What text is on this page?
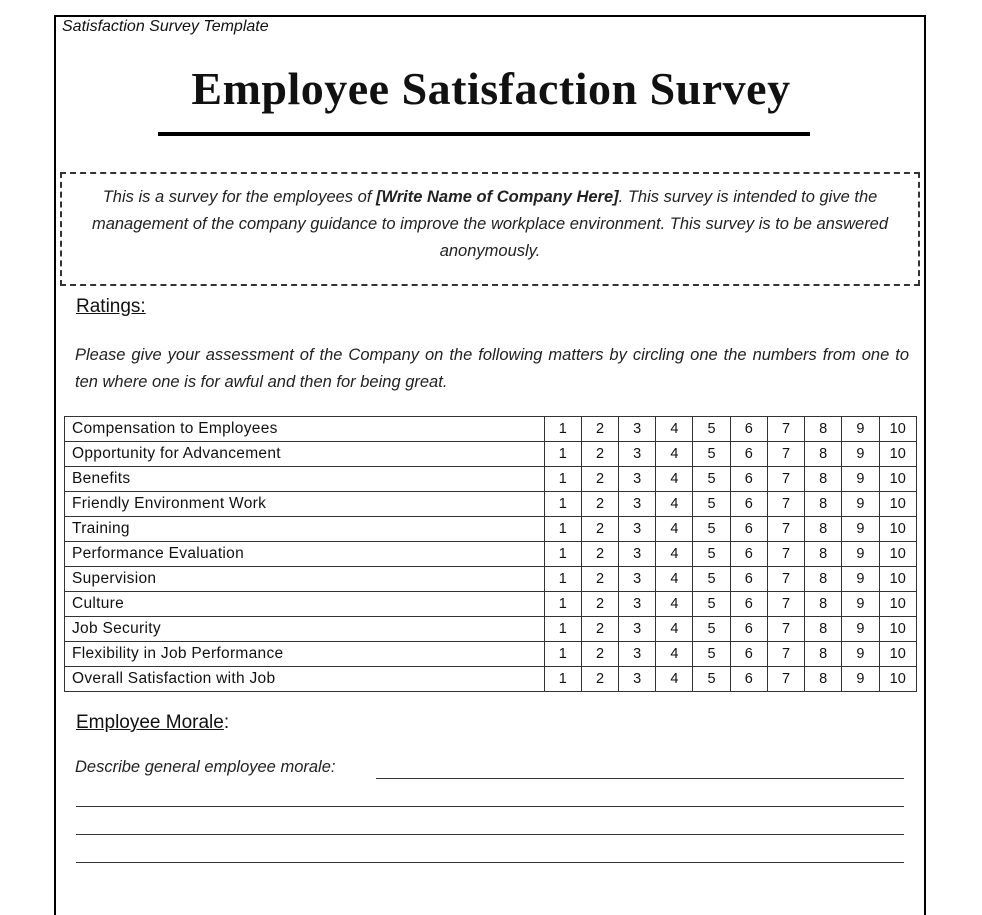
Satisfaction Survey Template
Employee Satisfaction Survey
This is a survey for the employees of [Write Name of Company Here]. This survey is intended to give the management of the company guidance to improve the workplace environment. This survey is to be answered anonymously.
Ratings:
Please give your assessment of the Company on the following matters by circling one the numbers from one to ten where one is for awful and then for being great.
Compensation to Employees	1	2	3	4	5	6	7	8	9	10
Opportunity for Advancement	1	2	3	4	5	6	7	8	9	10
Benefits	1	2	3	4	5	6	7	8	9	10
Friendly Environment Work	1	2	3	4	5	6	7	8	9	10
Training	1	2	3	4	5	6	7	8	9	10
Performance Evaluation	1	2	3	4	5	6	7	8	9	10
Supervision	1	2	3	4	5	6	7	8	9	10
Culture	1	2	3	4	5	6	7	8	9	10
Job Security	1	2	3	4	5	6	7	8	9	10
Flexibility in Job Performance	1	2	3	4	5	6	7	8	9	10
Overall Satisfaction with Job	1	2	3	4	5	6	7	8	9	10
Employee Morale:
Describe general employee morale:
